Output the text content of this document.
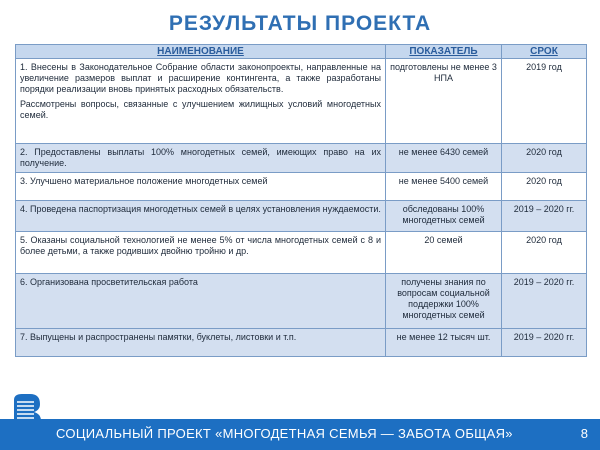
РЕЗУЛЬТАТЫ ПРОЕКТА
НАИМЕНОВАНИЕ	ПОКАЗАТЕЛЬ	СРОК

1. Внесены в Законодательное Собрание области законопроекты, направленные на увеличение размеров выплат и расширение контингента, а также разработаны порядки реализации вновь принятых расходных обязательств.
Рассмотрены вопросы, связанные с улучшением жилищных условий многодетных семей.	подготовлены не менее 3 НПА	2019 год

2. Предоставлены выплаты 100% многодетных семей, имеющих право на их получение.	не менее 6430 семей	2020 год

3. Улучшено материальное положение многодетных семей	не менее 5400 семей	2020 год

4. Проведена паспортизация многодетных семей в целях установления нуждаемости.	обследованы 100% многодетных семей	2019 – 2020 гг.

5. Оказаны социальной технологией не менее 5% от числа многодетных семей с 8 и более детьми, а также родивших двойню тройню и др.	20 семей	2020 год

6. Организована просветительская работа	получены знания по вопросам социальной поддержки 100% многодетных семей	2019 – 2020 гг.

7. Выпущены и распространены памятки, буклеты, листовки и т.п.	не менее 12 тысяч шт.	2019 – 2020 гг.
СОЦИАЛЬНЫЙ ПРОЕКТ «МНОГОДЕТНАЯ СЕМЬЯ — ЗАБОТА ОБЩАЯ»	8
